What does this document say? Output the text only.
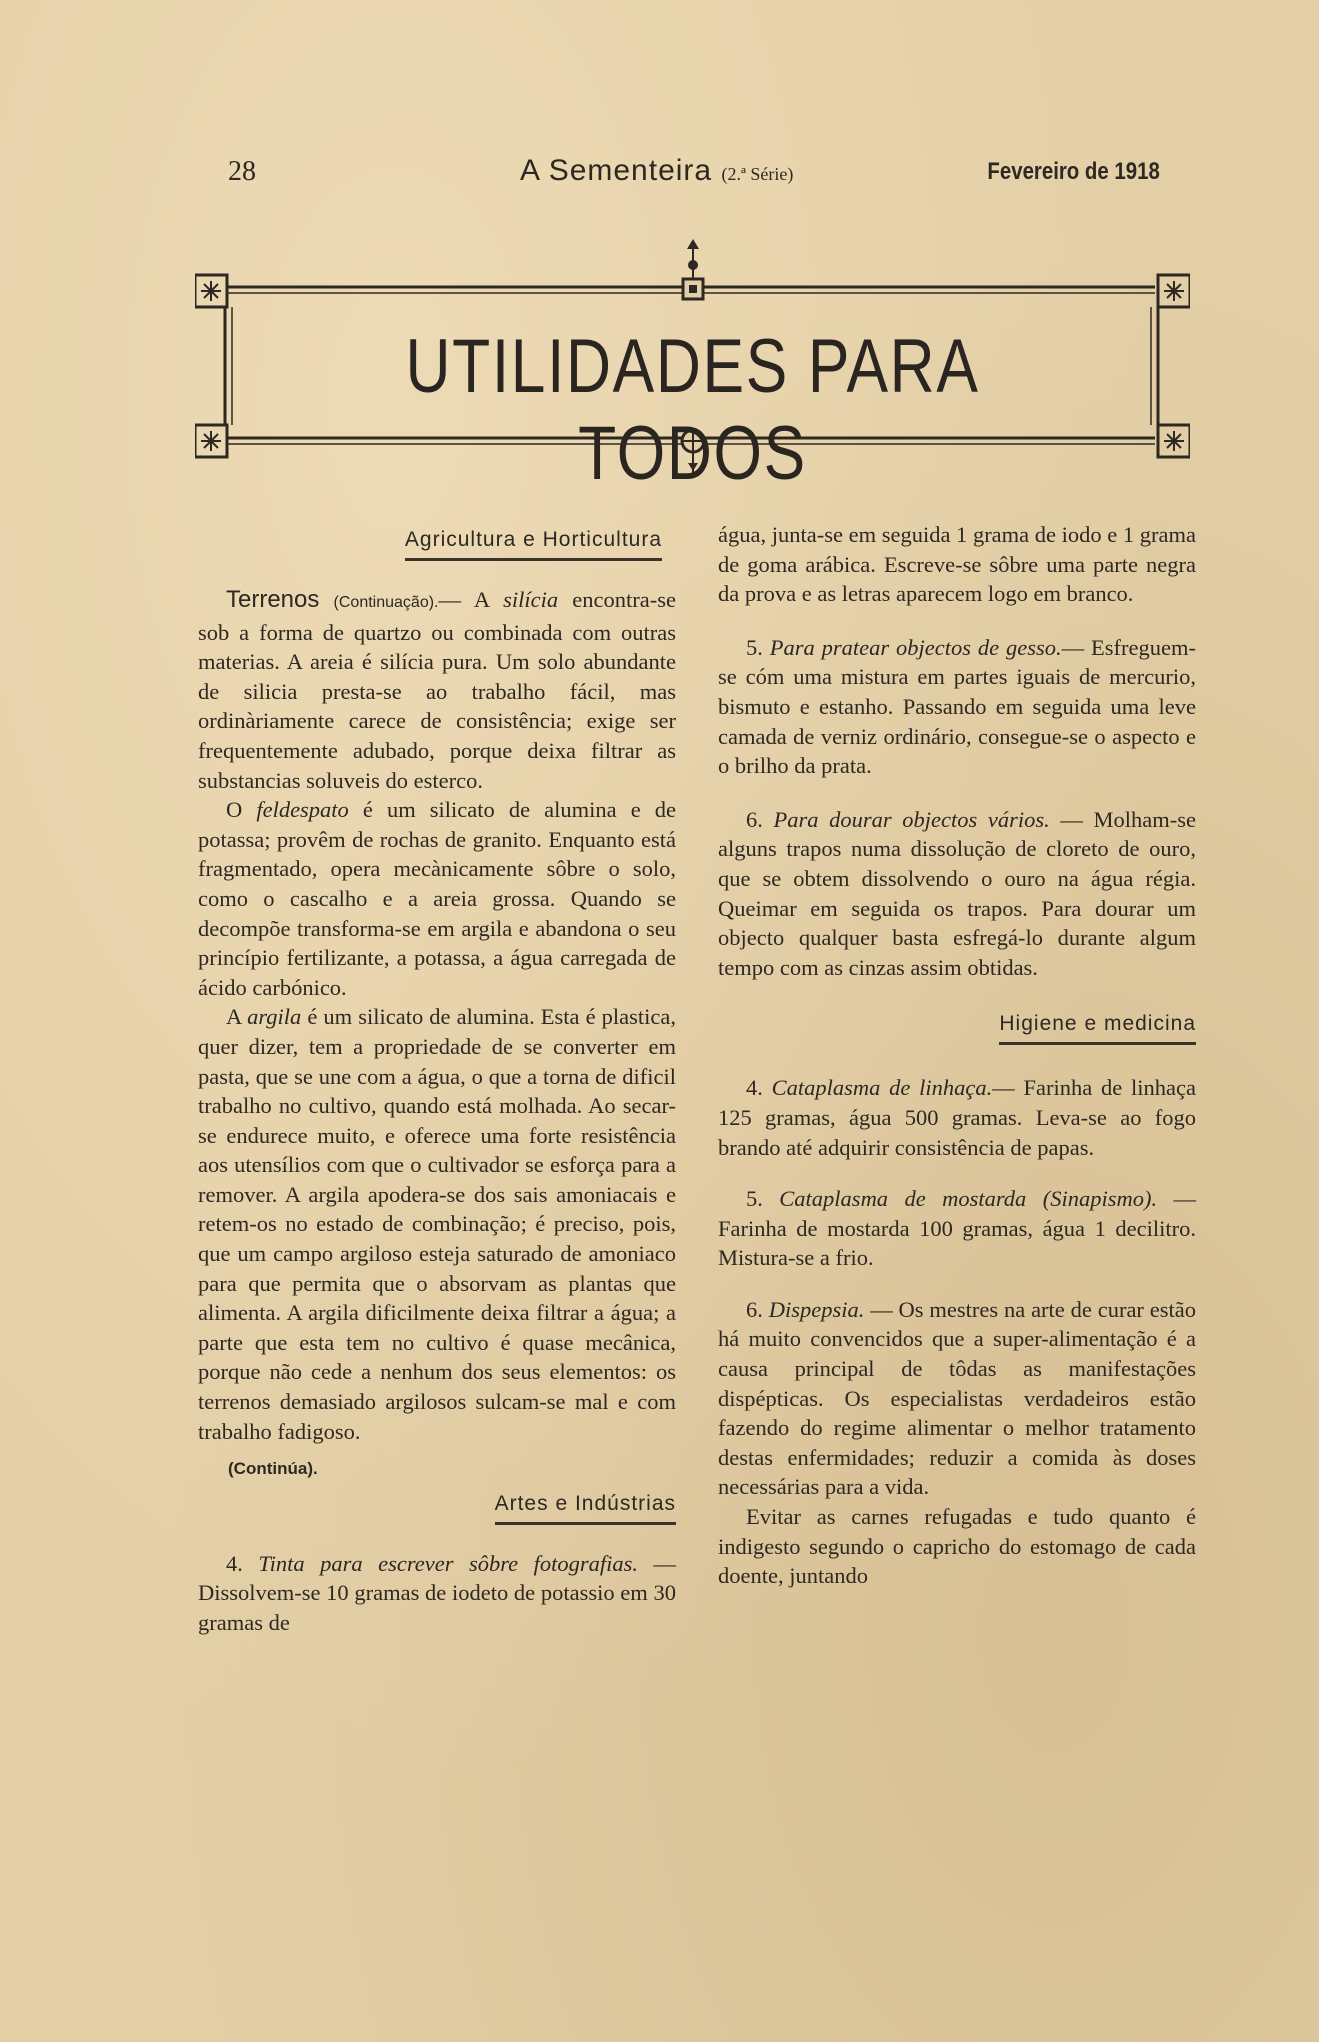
28	A Sementeira (2.ª Série)	Fevereiro de 1918
UTILIDADES PARA TODOS
Agricultura e Horticultura

Terrenos (Continuação).— A silícia encontra-se sob a forma de quartzo ou combinada com outras materias. A areia é silícia pura. Um solo abundante de silicia presta-se ao trabalho fácil, mas ordinàriamente carece de consistência; exige ser frequentemente adubado, porque deixa filtrar as substancias soluveis do esterco.

O feldespato é um silicato de alumina e de potassa; provêm de rochas de granito. Enquanto está fragmentado, opera mecànicamente sôbre o solo, como o cascalho e a areia grossa. Quando se decompõe transforma-se em argila e abandona o seu princípio fertilizante, a potassa, a água carregada de ácido carbónico.

A argila é um silicato de alumina. Esta é plastica, quer dizer, tem a propriedade de se converter em pasta, que se une com a água, o que a torna de dificil trabalho no cultivo, quando está molhada. Ao secar-se endurece muito, e oferece uma forte resistência aos utensílios com que o cultivador se esforça para a remover. A argila apodera-se dos sais amoniacais e retem-os no estado de combinação; é preciso, pois, que um campo argiloso esteja saturado de amoniaco para que permita que o absorvam as plantas que alimenta. A argila dificilmente deixa filtrar a água; a parte que esta tem no cultivo é quase mecânica, porque não cede a nenhum dos seus elementos: os terrenos demasiado argilosos sulcam-se mal e com trabalho fadigoso.

(Continúa).
Artes e Indústrias

4. Tinta para escrever sôbre fotografias. — Dissolvem-se 10 gramas de iodeto de potassio em 30 gramas de

água, junta-se em seguida 1 grama de iodo e 1 grama de goma arábica. Escreve-se sôbre uma parte negra da prova e as letras aparecem logo em branco.

5. Para pratear objectos de gesso.— Esfreguem-se cóm uma mistura em partes iguais de mercurio, bismuto e estanho. Passando em seguida uma leve camada de verniz ordinário, consegue-se o aspecto e o brilho da prata.

6. Para dourar objectos vários. — Molham-se alguns trapos numa dissolução de cloreto de ouro, que se obtem dissolvendo o ouro na água régia. Queimar em seguida os trapos. Para dourar um objecto qualquer basta esfregá-lo durante algum tempo com as cinzas assim obtidas.

Higiene e medicina

4. Cataplasma de linhaça.— Farinha de linhaça 125 gramas, água 500 gramas. Leva-se ao fogo brando até adquirir consistência de papas.

5. Cataplasma de mostarda (Sinapismo). — Farinha de mostarda 100 gramas, água 1 decilitro. Mistura-se a frio.

6. Dispepsia. — Os mestres na arte de curar estão há muito convencidos que a super-alimentação é a causa principal de tôdas as manifestações dispépticas. Os especialistas verdadeiros estão fazendo do regime alimentar o melhor tratamento destas enfermidades; reduzir a comida às doses necessárias para a vida.

Evitar as carnes refugadas e tudo quanto é indigesto segundo o capricho do estomago de cada doente, juntando
